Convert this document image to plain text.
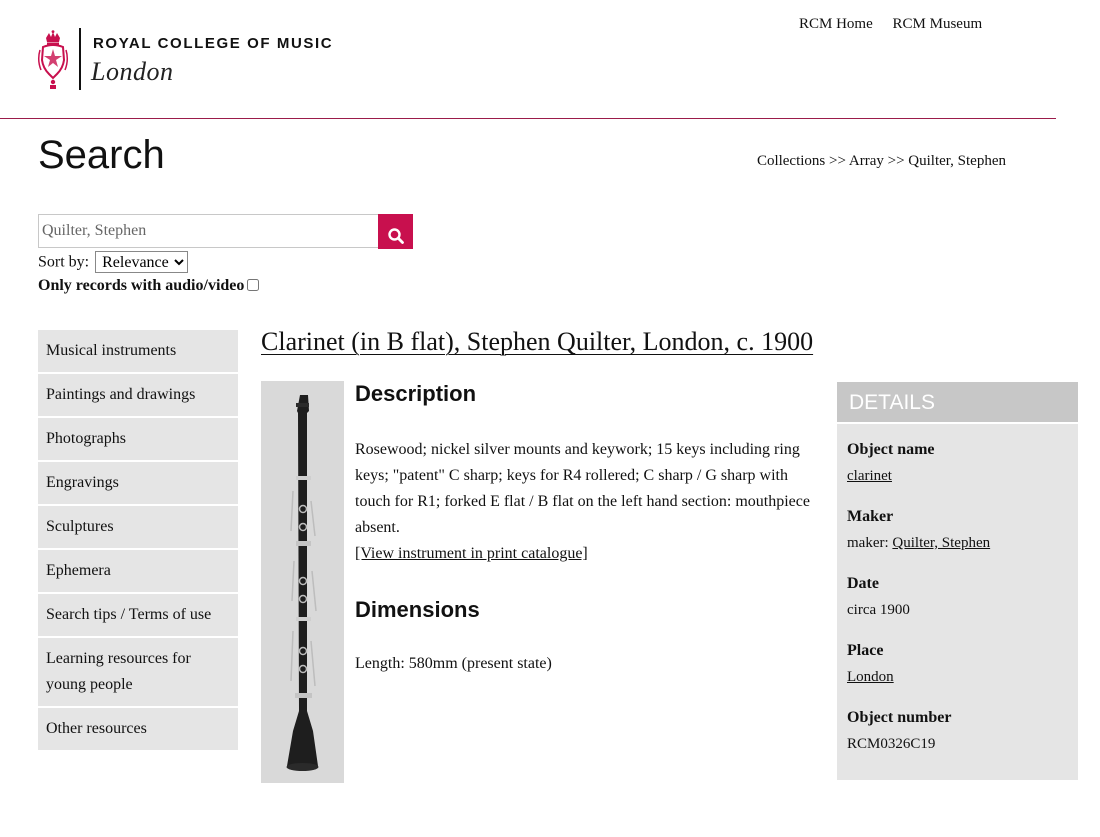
ROYAL COLLEGE OF MUSIC
London
RCM Home RCM Museum
Search	Collections >> Array >> Quilter, Stephen
Quilter, Stephen
Sort by:
Relevance
Only records with audio/video
Musical instruments
Paintings and drawings
Photographs
Engravings
Sculptures
Ephemera
Search tips / Terms of use
Learning resources for young people
Other resources
Clarinet (in B flat), Stephen Quilter, London, c. 1900
Description
Rosewood; nickel silver mounts and keywork; 15 keys including ring keys; "patent" C sharp; keys for R4 rollered; C sharp / G sharp with touch for R1; forked E flat / B flat on the left hand section: mouthpiece absent.
[View instrument in print catalogue]
Dimensions
Length: 580mm (present state)
DETAILS
Object name
clarinet
Maker
maker: Quilter, Stephen
Date
circa 1900
Place
London
Object number
RCM0326C19
